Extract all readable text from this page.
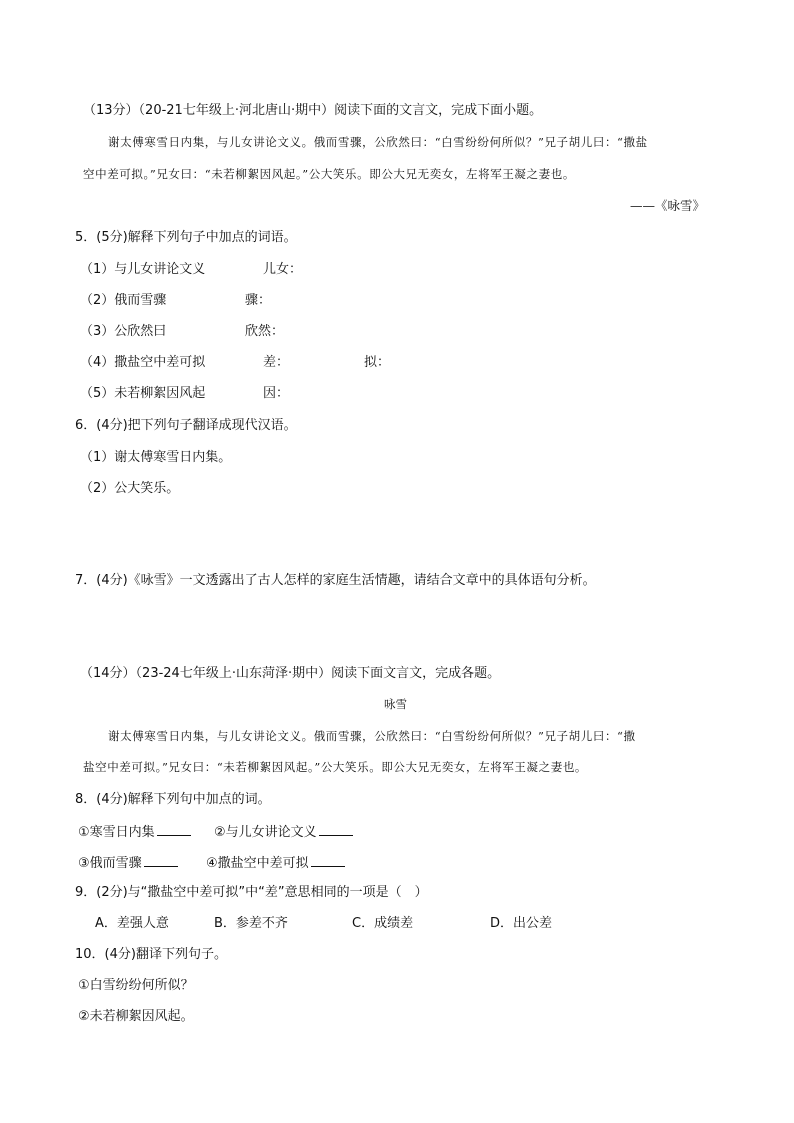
（13分）（20-21七年级上·河北唐山·期中）阅读下面的文言文，完成下面小题。
谢太傅寒雪日内集，与儿女讲论文义。俄而雪骤，公欣然曰：“白雪纷纷何所似？”兄子胡儿曰：“撒盐
空中差可拟。”兄女曰：“未若柳絮因风起。”公大笑乐。即公大兄无奕女，左将军王凝之妻也。
——《咏雪》
5．(5分)解释下列句子中加点的词语。
（1）与儿女讲论文义	儿女：
（2）俄而雪骤	骤：
（3）公欣然曰	欣然：
（4）撒盐空中差可拟	差：	拟：
（5）未若柳絮因风起	因：
6．(4分)把下列句子翻译成现代汉语。
（1）谢太傅寒雪日内集。
（2）公大笑乐。
7．(4分)《咏雪》一文透露出了古人怎样的家庭生活情趣，请结合文章中的具体语句分析。
（14分）（23-24七年级上·山东菏泽·期中）阅读下面文言文，完成各题。
咏雪
谢太傅寒雪日内集，与儿女讲论文义。俄而雪骤，公欣然曰：“白雪纷纷何所似？”兄子胡儿曰：“撒
盐空中差可拟。”兄女曰：“未若柳絮因风起。”公大笑乐。即公大兄无奕女，左将军王凝之妻也。
8．(4分)解释下列句中加点的词。
①寒雪日内集	②与儿女讲论文义
③俄而雪骤	④撒盐空中差可拟
9．(2分)与“撒盐空中差可拟”中“差”意思相同的一项是（　）
A．差强人意	B．参差不齐	C．成绩差	D．出公差
10．(4分)翻译下列句子。
①白雪纷纷何所似？
②未若柳絮因风起。
